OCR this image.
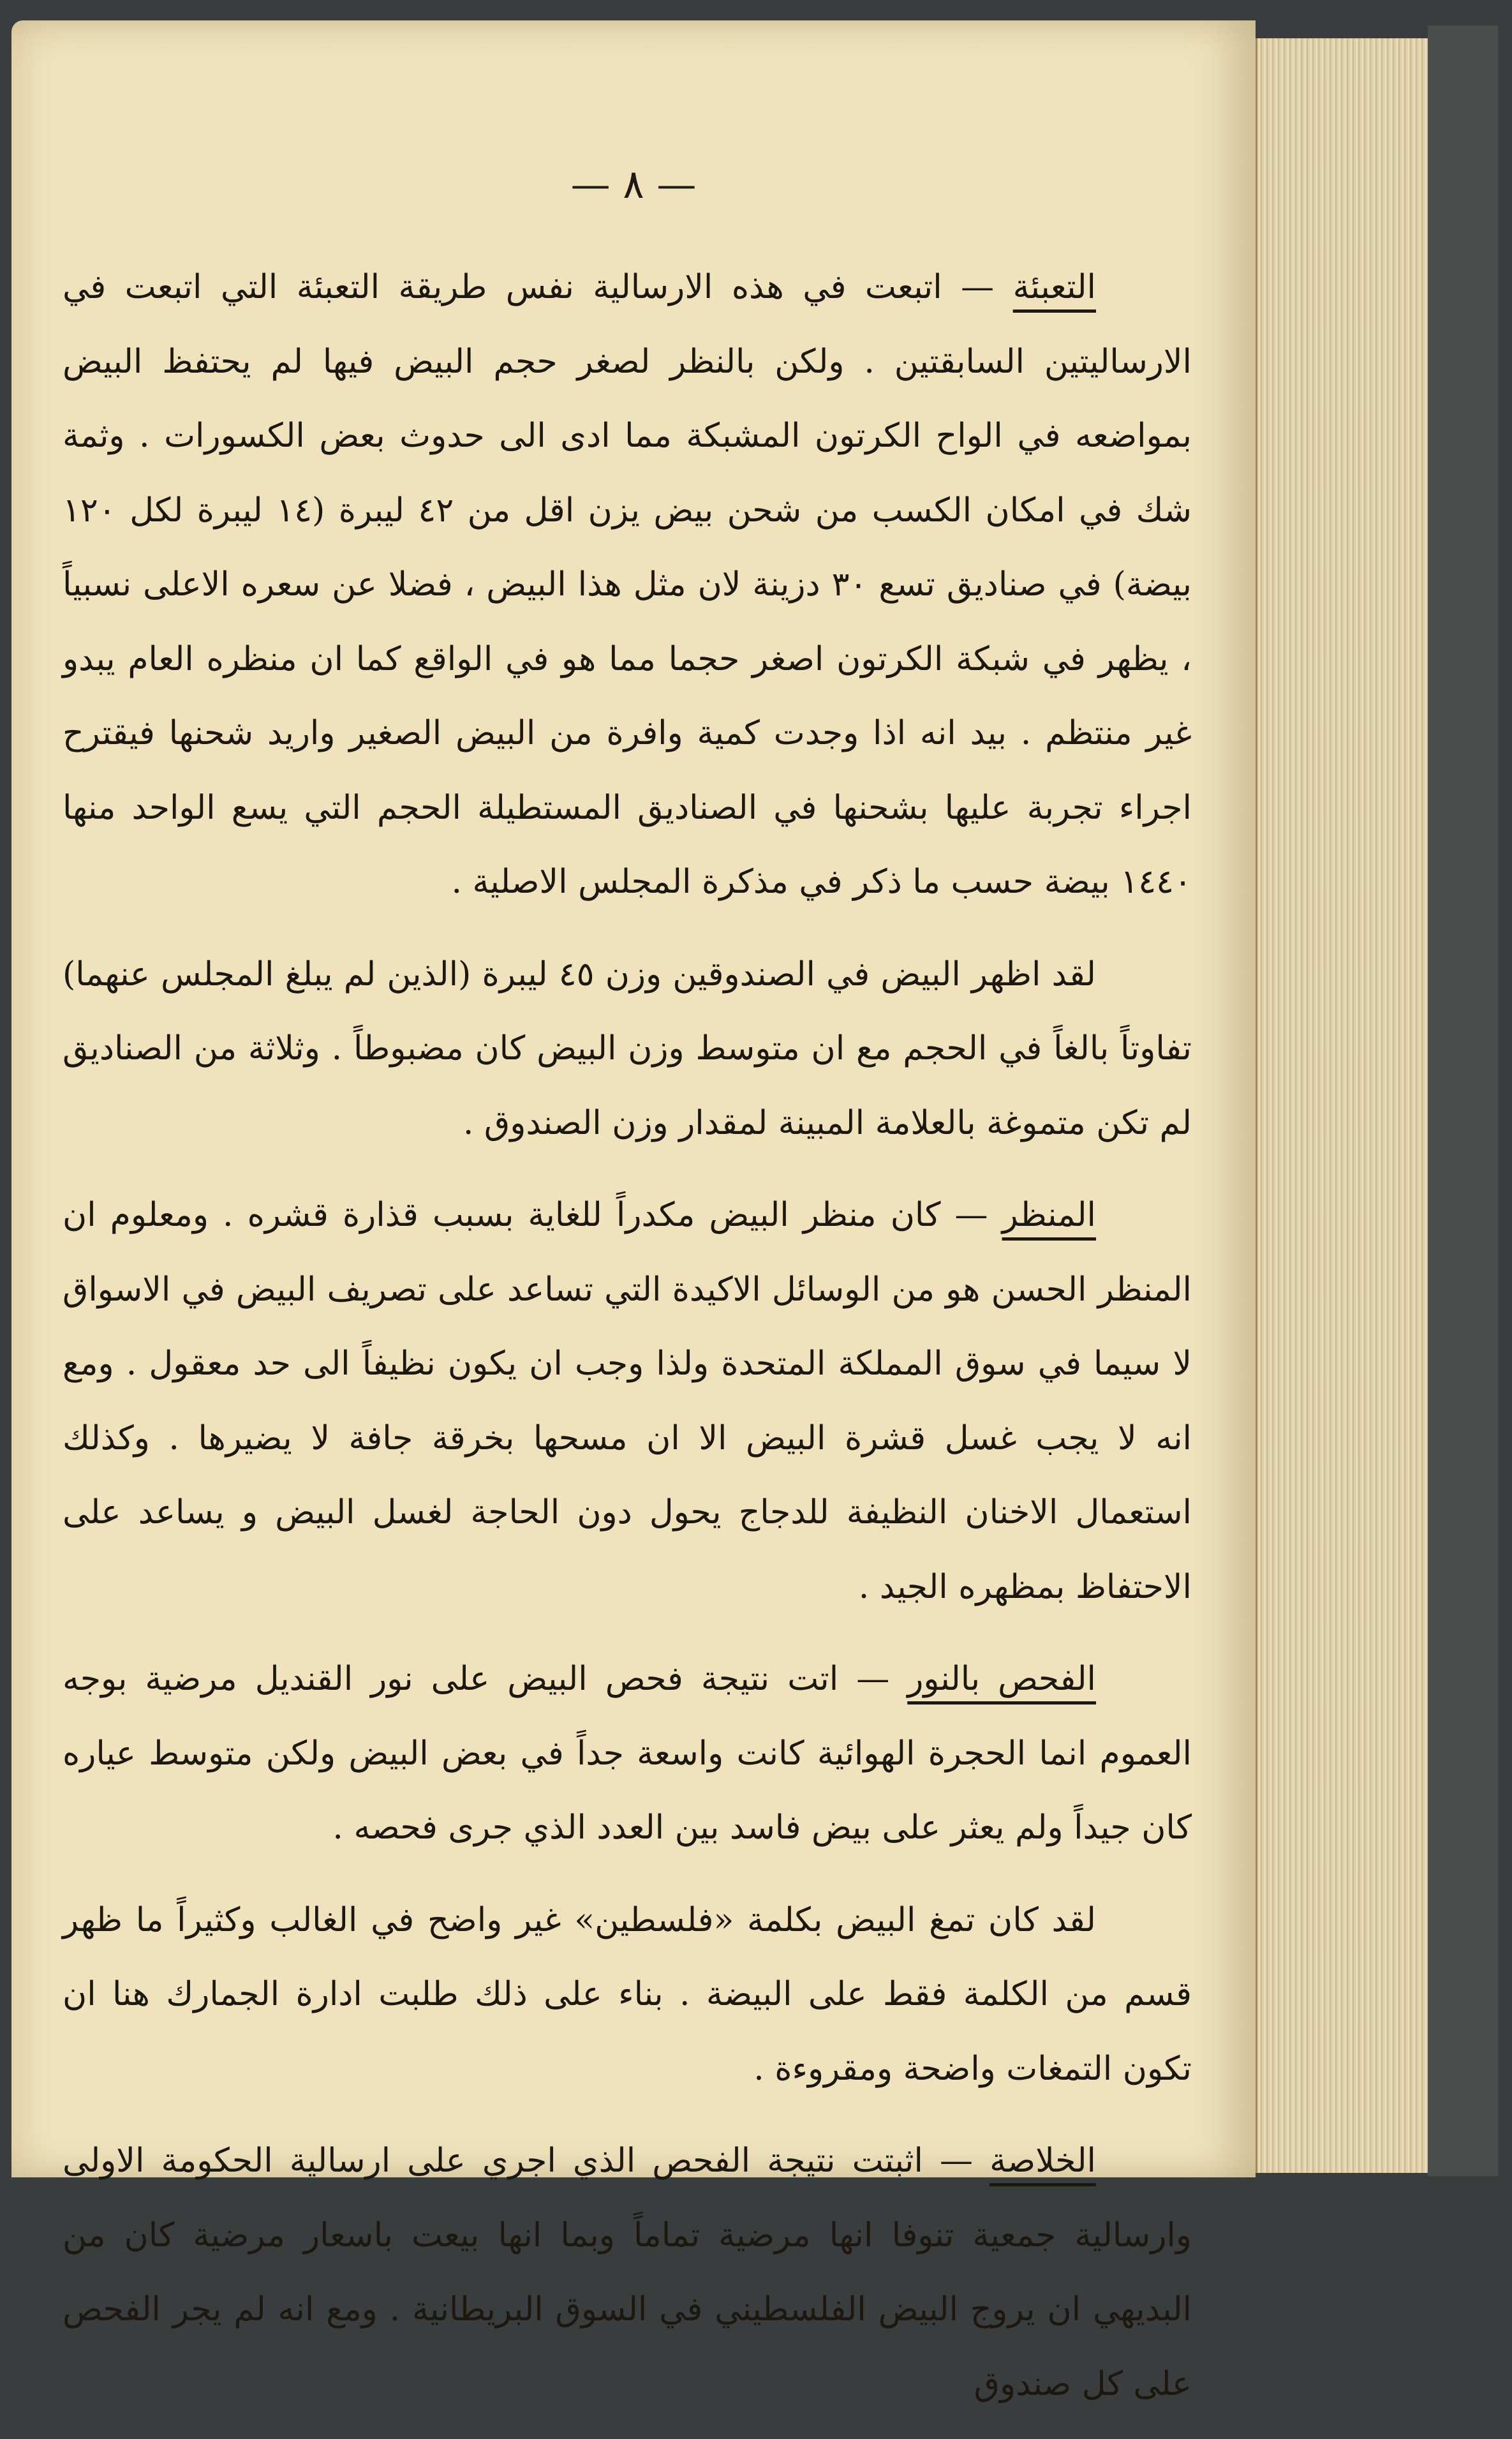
— ٨ —

التعبئة — اتبعت في هذه الارسالية نفس طريقة التعبئة التي اتبعت في الارساليتين السابقتين . ولكن بالنظر لصغر حجم البيض فيها لم يحتفظ البيض بمواضعه في الواح الكرتون المشبكة مما ادى الى حدوث بعض الكسورات . وثمة شك في امكان الكسب من شحن بيض يزن اقل من ٤٢ ليبرة (١٤ ليبرة لكل ١٢٠ بيضة) في صناديق تسع ٣٠ دزينة لان مثل هذا البيض ، فضلا عن سعره الاعلى نسبياً ، يظهر في شبكة الكرتون اصغر حجما مما هو في الواقع كما ان منظره العام يبدو غير منتظم . بيد انه اذا وجدت كمية وافرة من البيض الصغير واريد شحنها فيقترح اجراء تجربة عليها بشحنها في الصناديق المستطيلة الحجم التي يسع الواحد منها ١٤٤٠ بيضة حسب ما ذكر في مذكرة المجلس الاصلية .

لقد اظهر البيض في الصندوقين وزن ٤٥ ليبرة (الذين لم يبلغ المجلس عنهما) تفاوتاً بالغاً في الحجم مع ان متوسط وزن البيض كان مضبوطاً . وثلاثة من الصناديق لم تكن متموغة بالعلامة المبينة لمقدار وزن الصندوق .

المنظر — كان منظر البيض مكدراً للغاية بسبب قذارة قشره . ومعلوم ان المنظر الحسن هو من الوسائل الاكيدة التي تساعد على تصريف البيض في الاسواق لا سيما في سوق المملكة المتحدة ولذا وجب ان يكون نظيفاً الى حد معقول . ومع انه لا يجب غسل قشرة البيض الا ان مسحها بخرقة جافة لا يضيرها . وكذلك استعمال الاخنان النظيفة للدجاج يحول دون الحاجة لغسل البيض و يساعد على الاحتفاظ بمظهره الجيد .

الفحص بالنور — اتت نتيجة فحص البيض على نور القنديل مرضية بوجه العموم انما الحجرة الهوائية كانت واسعة جداً في بعض البيض ولكن متوسط عياره كان جيداً ولم يعثر على بيض فاسد بين العدد الذي جرى فحصه .

لقد كان تمغ البيض بكلمة «فلسطين» غير واضح في الغالب وكثيراً ما ظهر قسم من الكلمة فقط على البيضة . بناء على ذلك طلبت ادارة الجمارك هنا ان تكون التمغات واضحة ومقروءة .

الخلاصة — اثبتت نتيجة الفحص الذي اجري على ارسالية الحكومة الاولى وارسالية جمعية تنوفا انها مرضية تماماً وبما انها بيعت باسعار مرضية كان من البديهي ان يروج البيض الفلسطيني في السوق البريطانية . ومع انه لم يجر الفحص على كل صندوق
